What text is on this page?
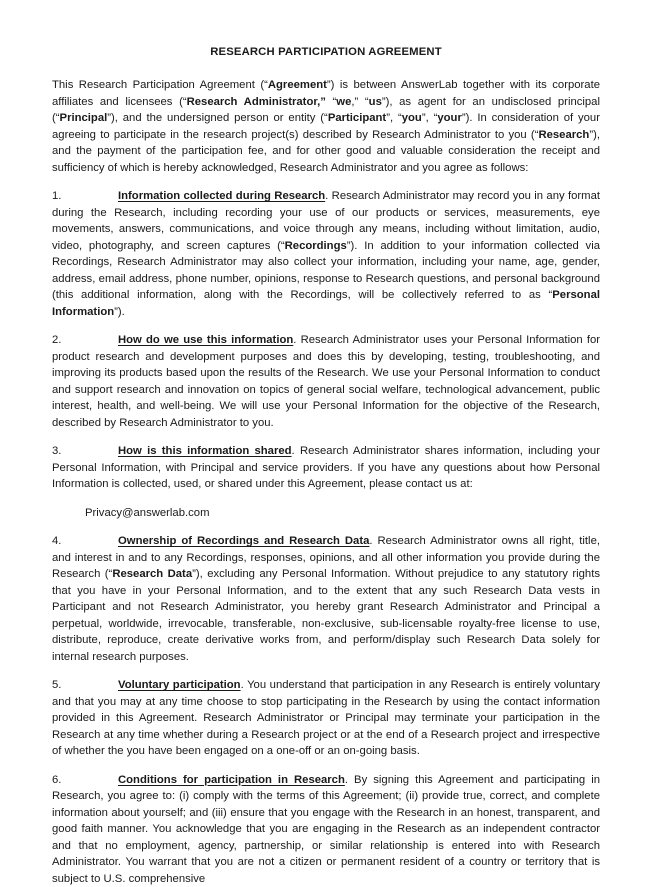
RESEARCH PARTICIPATION AGREEMENT

This Research Participation Agreement (“Agreement”) is between AnswerLab together with its corporate affiliates and licensees (“Research Administrator,” “we,” “us”), as agent for an undisclosed principal (“Principal”), and the undersigned person or entity (“Participant”, “you”, “your”). In consideration of your agreeing to participate in the research project(s) described by Research Administrator to you (“Research”), and the payment of the participation fee, and for other good and valuable consideration the receipt and sufficiency of which is hereby acknowledged, Research Administrator and you agree as follows:

1.	Information collected during Research. Research Administrator may record you in any format during the Research, including recording your use of our products or services, measurements, eye movements, answers, communications, and voice through any means, including without limitation, audio, video, photography, and screen captures (“Recordings”). In addition to your information collected via Recordings, Research Administrator may also collect your information, including your name, age, gender, address, email address, phone number, opinions, response to Research questions, and personal background (this additional information, along with the Recordings, will be collectively referred to as “Personal Information”).

2.	How do we use this information. Research Administrator uses your Personal Information for product research and development purposes and does this by developing, testing, troubleshooting, and improving its products based upon the results of the Research. We use your Personal Information to conduct and support research and innovation on topics of general social welfare, technological advancement, public interest, health, and well-being. We will use your Personal Information for the objective of the Research, described by Research Administrator to you.

3.	How is this information shared. Research Administrator shares information, including your Personal Information, with Principal and service providers. If you have any questions about how Personal Information is collected, used, or shared under this Agreement, please contact us at:

Privacy@answerlab.com

4.	Ownership of Recordings and Research Data. Research Administrator owns all right, title, and interest in and to any Recordings, responses, opinions, and all other information you provide during the Research (“Research Data”), excluding any Personal Information. Without prejudice to any statutory rights that you have in your Personal Information, and to the extent that any such Research Data vests in Participant and not Research Administrator, you hereby grant Research Administrator and Principal a perpetual, worldwide, irrevocable, transferable, non-exclusive, sub-licensable royalty-free license to use, distribute, reproduce, create derivative works from, and perform/display such Research Data solely for internal research purposes.

5.	Voluntary participation. You understand that participation in any Research is entirely voluntary and that you may at any time choose to stop participating in the Research by using the contact information provided in this Agreement. Research Administrator or Principal may terminate your participation in the Research at any time whether during a Research project or at the end of a Research project and irrespective of whether the you have been engaged on a one-off or an on-going basis.

6.	Conditions for participation in Research. By signing this Agreement and participating in Research, you agree to: (i) comply with the terms of this Agreement; (ii) provide true, correct, and complete information about yourself; and (iii) ensure that you engage with the Research in an honest, transparent, and good faith manner. You acknowledge that you are engaging in the Research as an independent contractor and that no employment, agency, partnership, or similar relationship is entered into with Research Administrator. You warrant that you are not a citizen or permanent resident of a country or territory that is subject to U.S. comprehensive
